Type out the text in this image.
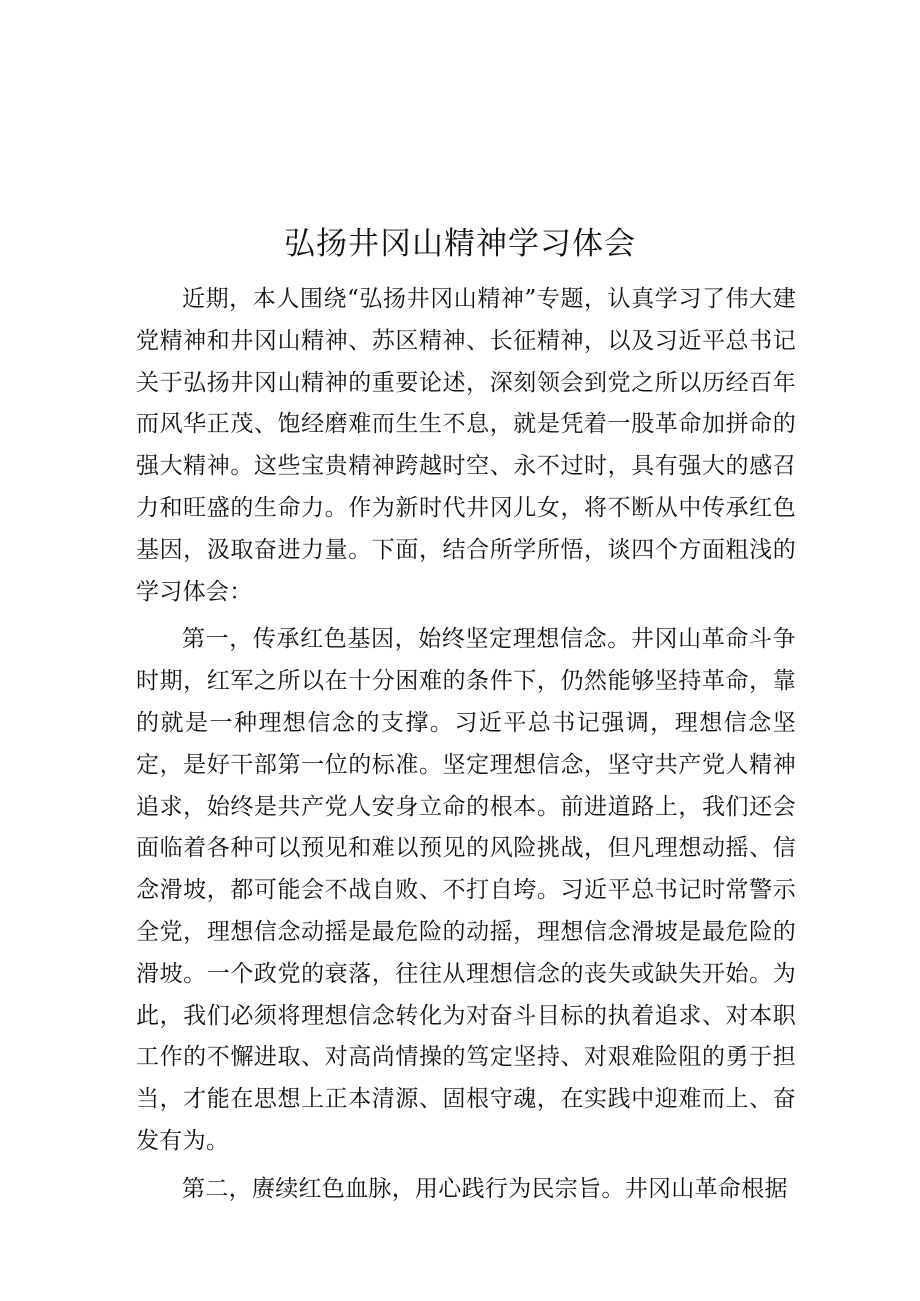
弘扬井冈山精神学习体会

近期，本人围绕“弘扬井冈山精神”专题，认真学习了伟大建党精神和井冈山精神、苏区精神、长征精神，以及习近平总书记关于弘扬井冈山精神的重要论述，深刻领会到党之所以历经百年而风华正茂、饱经磨难而生生不息，就是凭着一股革命加拼命的强大精神。这些宝贵精神跨越时空、永不过时，具有强大的感召力和旺盛的生命力。作为新时代井冈儿女，将不断从中传承红色基因，汲取奋进力量。下面，结合所学所悟，谈四个方面粗浅的学习体会：

第一，传承红色基因，始终坚定理想信念。井冈山革命斗争时期，红军之所以在十分困难的条件下，仍然能够坚持革命，靠的就是一种理想信念的支撑。习近平总书记强调，理想信念坚定，是好干部第一位的标准。坚定理想信念，坚守共产党人精神追求，始终是共产党人安身立命的根本。前进道路上，我们还会面临着各种可以预见和难以预见的风险挑战，但凡理想动摇、信念滑坡，都可能会不战自败、不打自垮。习近平总书记时常警示全党，理想信念动摇是最危险的动摇，理想信念滑坡是最危险的滑坡。一个政党的衰落，往往从理想信念的丧失或缺失开始。为此，我们必须将理想信念转化为对奋斗目标的执着追求、对本职工作的不懈进取、对高尚情操的笃定坚持、对艰难险阻的勇于担当，才能在思想上正本清源、固根守魂，在实践中迎难而上、奋发有为。

第二，赓续红色血脉，用心践行为民宗旨。井冈山革命根据
